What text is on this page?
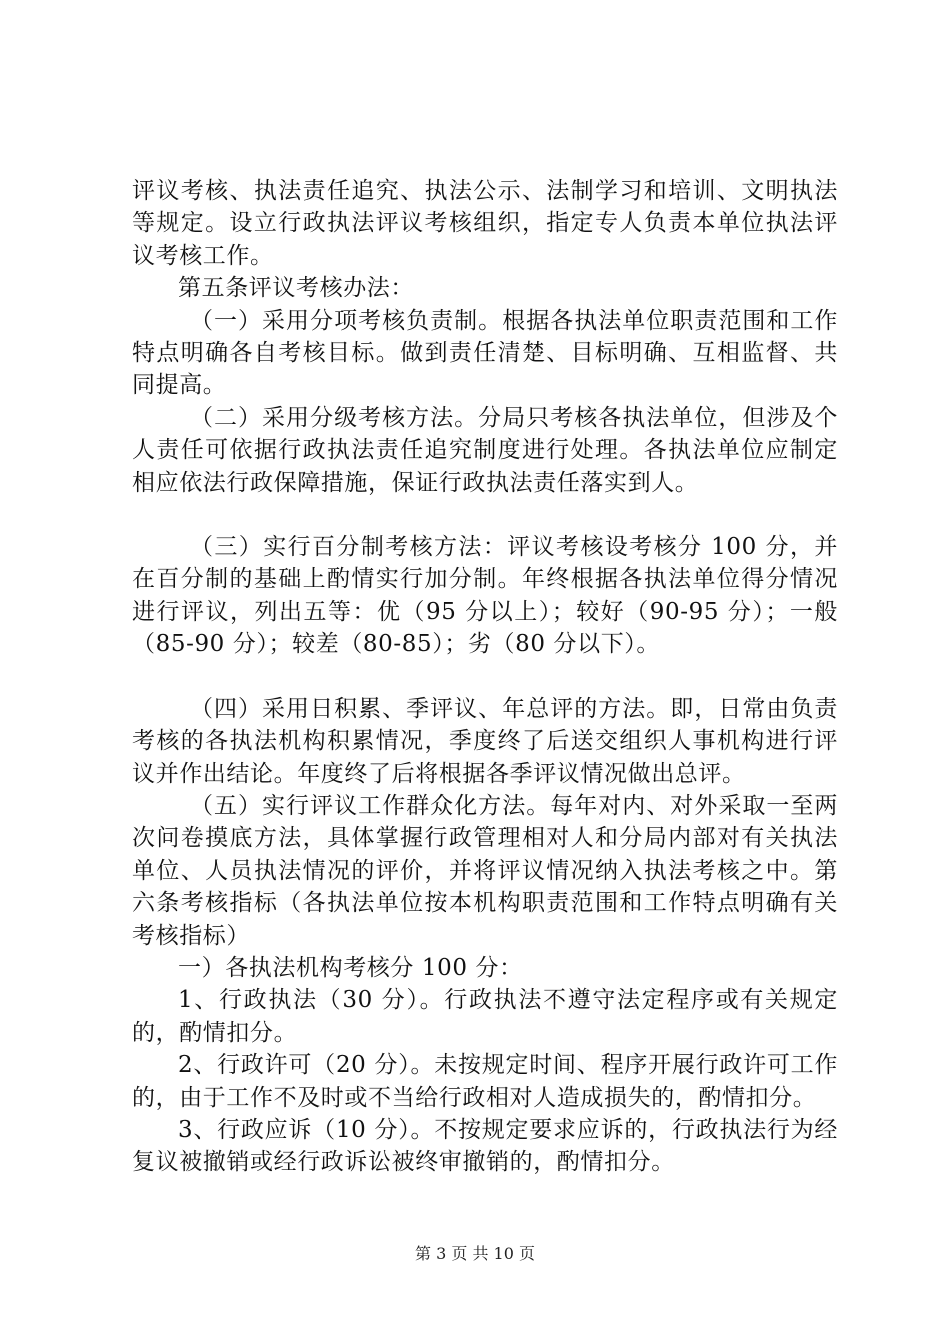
评议考核、执法责任追究、执法公示、法制学习和培训、文明执法等规定。设立行政执法评议考核组织，指定专人负责本单位执法评议考核工作。

第五条评议考核办法：

（一）采用分项考核负责制。根据各执法单位职责范围和工作特点明确各自考核目标。做到责任清楚、目标明确、互相监督、共同提高。

（二）采用分级考核方法。分局只考核各执法单位，但涉及个人责任可依据行政执法责任追究制度进行处理。各执法单位应制定相应依法行政保障措施，保证行政执法责任落实到人。

（三）实行百分制考核方法：评议考核设考核分 100 分，并在百分制的基础上酌情实行加分制。年终根据各执法单位得分情况进行评议，列出五等：优（95 分以上）；较好（90-95 分）；一般（85-90 分）；较差（80-85）；劣（80 分以下）。

（四）采用日积累、季评议、年总评的方法。即，日常由负责考核的各执法机构积累情况，季度终了后送交组织人事机构进行评议并作出结论。年度终了后将根据各季评议情况做出总评。

（五）实行评议工作群众化方法。每年对内、对外采取一至两次问卷摸底方法，具体掌握行政管理相对人和分局内部对有关执法单位、人员执法情况的评价，并将评议情况纳入执法考核之中。第六条考核指标（各执法单位按本机构职责范围和工作特点明确有关考核指标）

一）各执法机构考核分 100 分：

1、行政执法（30 分）。行政执法不遵守法定程序或有关规定的，酌情扣分。

2、行政许可（20 分）。未按规定时间、程序开展行政许可工作的，由于工作不及时或不当给行政相对人造成损失的，酌情扣分。

3、行政应诉（10 分）。不按规定要求应诉的，行政执法行为经复议被撤销或经行政诉讼被终审撤销的，酌情扣分。

第 3 页 共 10 页
